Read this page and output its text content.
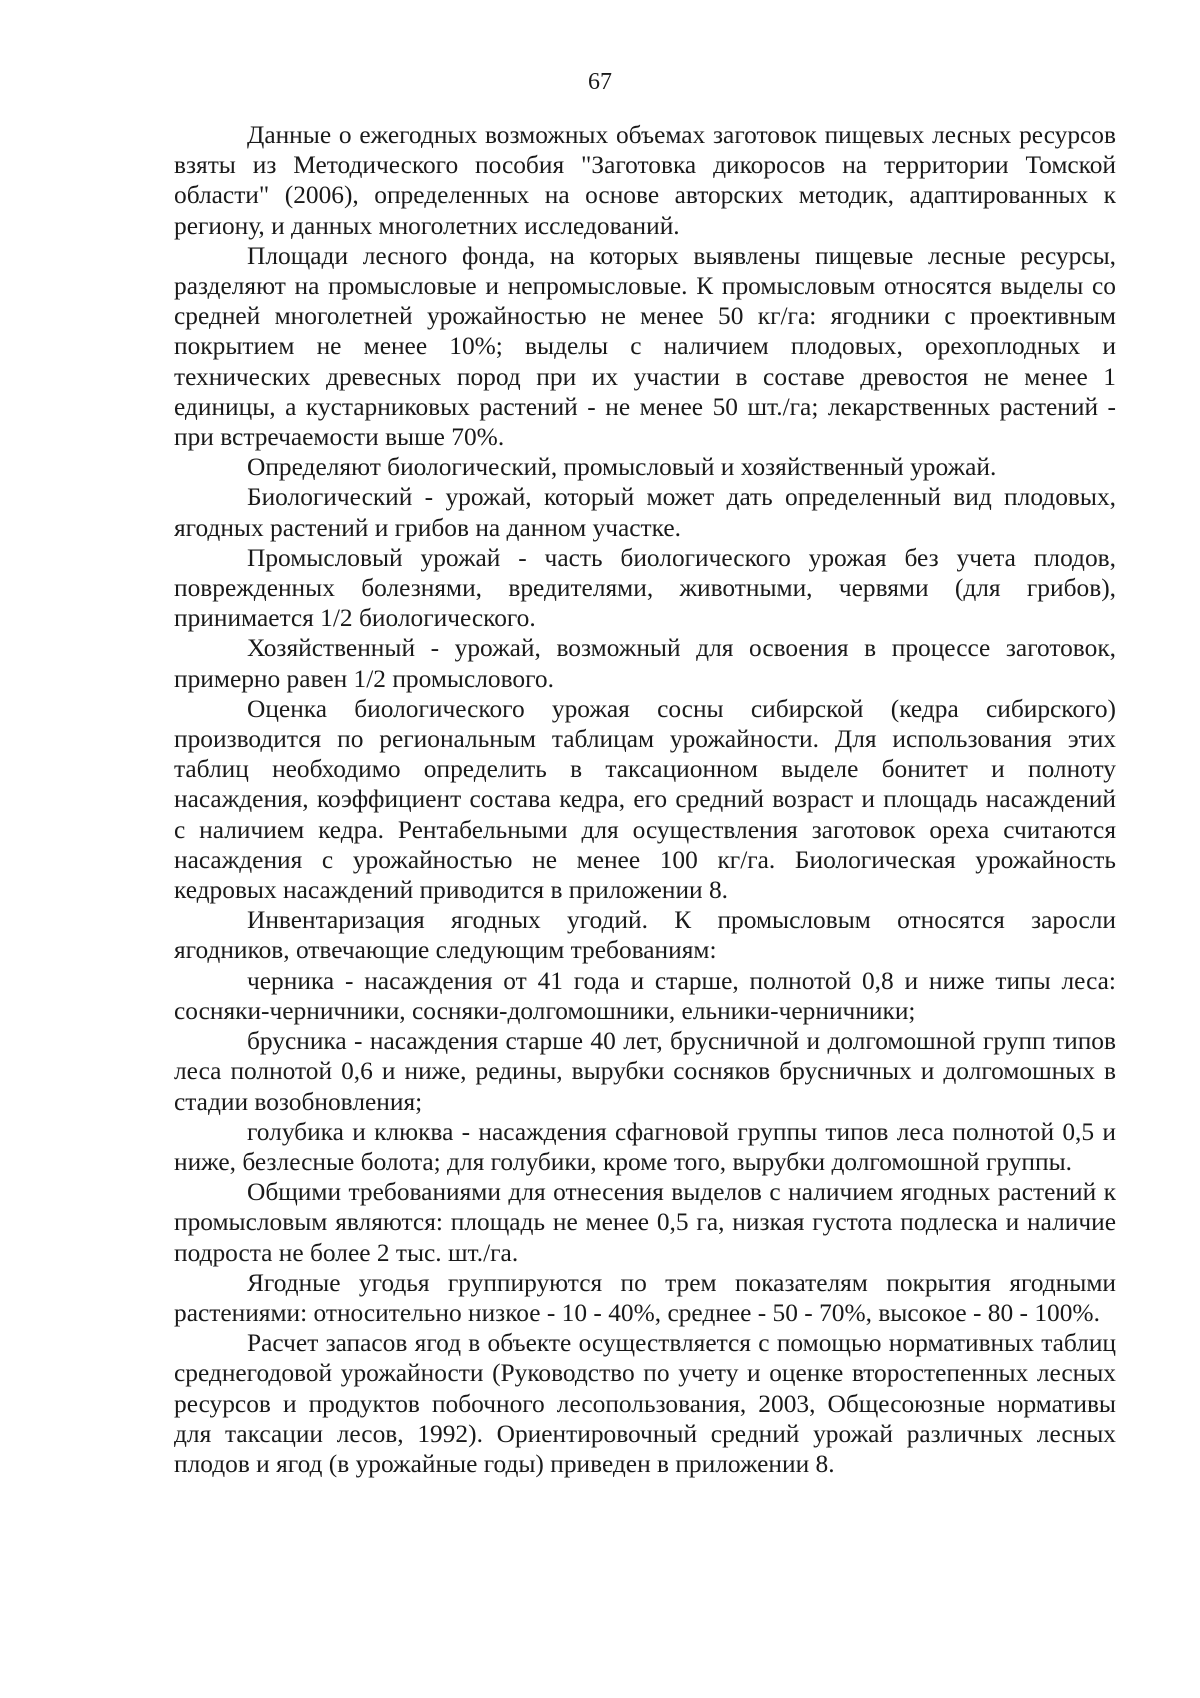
67

Данные о ежегодных возможных объемах заготовок пищевых лесных ресурсов взяты из Методического пособия "Заготовка дикоросов на территории Томской области" (2006), определенных на основе авторских методик, адаптированных к региону, и данных многолетних исследований.

Площади лесного фонда, на которых выявлены пищевые лесные ресурсы, разделяют на промысловые и непромысловые. К промысловым относятся выделы со средней многолетней урожайностью не менее 50 кг/га: ягодники с проективным покрытием не менее 10%; выделы с наличием плодовых, орехоплодных и технических древесных пород при их участии в составе древостоя не менее 1 единицы, а кустарниковых растений - не менее 50 шт./га; лекарственных растений - при встречаемости выше 70%.

Определяют биологический, промысловый и хозяйственный урожай.

Биологический - урожай, который может дать определенный вид плодовых, ягодных растений и грибов на данном участке.

Промысловый урожай - часть биологического урожая без учета плодов, поврежденных болезнями, вредителями, животными, червями (для грибов), принимается 1/2 биологического.

Хозяйственный - урожай, возможный для освоения в процессе заготовок, примерно равен 1/2 промыслового.

Оценка биологического урожая сосны сибирской (кедра сибирского) производится по региональным таблицам урожайности. Для использования этих таблиц необходимо определить в таксационном выделе бонитет и полноту насаждения, коэффициент состава кедра, его средний возраст и площадь насаждений с наличием кедра. Рентабельными для осуществления заготовок ореха считаются насаждения с урожайностью не менее 100 кг/га. Биологическая урожайность кедровых насаждений приводится в приложении 8.

Инвентаризация ягодных угодий. К промысловым относятся заросли ягодников, отвечающие следующим требованиям:

черника - насаждения от 41 года и старше, полнотой 0,8 и ниже типы леса: сосняки-черничники, сосняки-долгомошники, ельники-черничники;

брусника - насаждения старше 40 лет, брусничной и долгомошной групп типов леса полнотой 0,6 и ниже, редины, вырубки сосняков брусничных и долгомошных в стадии возобновления;

голубика и клюква - насаждения сфагновой группы типов леса полнотой 0,5 и ниже, безлесные болота; для голубики, кроме того, вырубки долгомошной группы.

Общими требованиями для отнесения выделов с наличием ягодных растений к промысловым являются: площадь не менее 0,5 га, низкая густота подлеска и наличие подроста не более 2 тыс. шт./га.

Ягодные угодья группируются по трем показателям покрытия ягодными растениями: относительно низкое - 10 - 40%, среднее - 50 - 70%, высокое - 80 - 100%.

Расчет запасов ягод в объекте осуществляется с помощью нормативных таблиц среднегодовой урожайности (Руководство по учету и оценке второстепенных лесных ресурсов и продуктов побочного лесопользования, 2003, Общесоюзные нормативы для таксации лесов, 1992). Ориентировочный средний урожай различных лесных плодов и ягод (в урожайные годы) приведен в приложении 8.
